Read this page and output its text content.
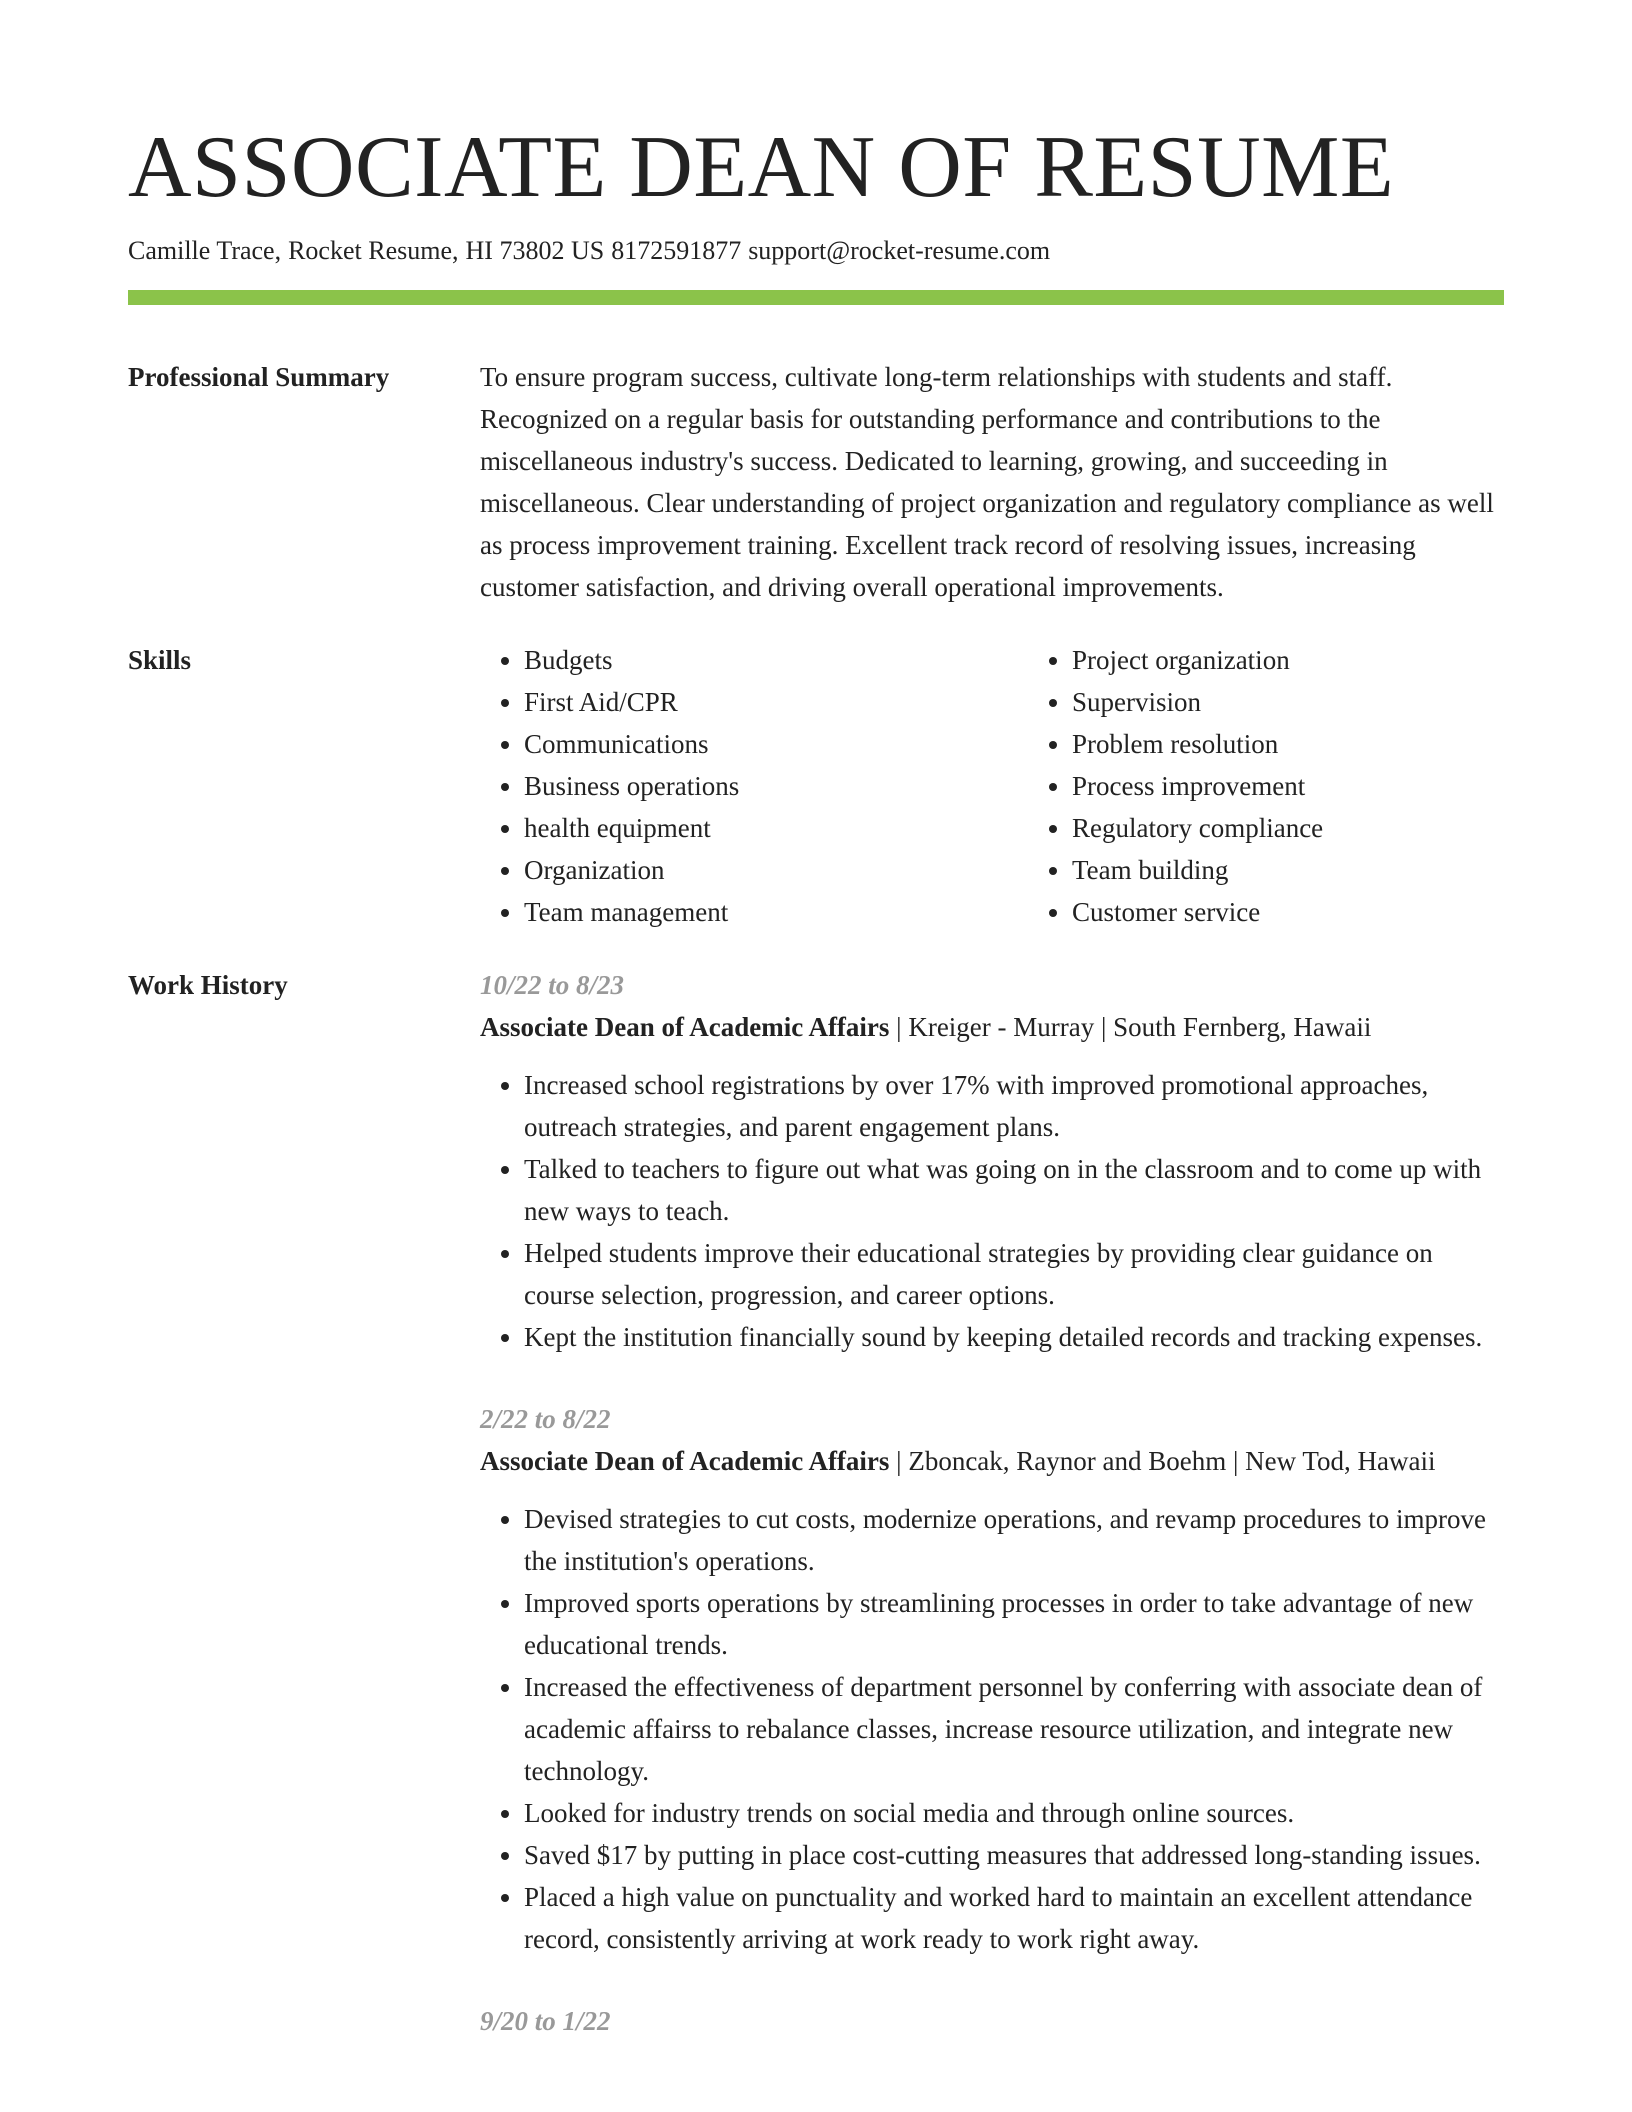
ASSOCIATE DEAN OF RESUME
Camille Trace, Rocket Resume, HI 73802 US 8172591877 support@rocket-resume.com
Professional Summary	To ensure program success, cultivate long-term relationships with students and staff. Recognized on a regular basis for outstanding performance and contributions to the miscellaneous industry's success. Dedicated to learning, growing, and succeeding in miscellaneous. Clear understanding of project organization and regulatory compliance as well as process improvement training. Excellent track record of resolving issues, increasing customer satisfaction, and driving overall operational improvements.

Skills
•	Budgets
• First Aid/CPR
• Communications
• Business operations
• health equipment
• Organization
• Team management
• Project organization
• Supervision
• Problem resolution
• Process improvement
• Regulatory compliance
• Team building
• Customer service
Work History	10/22 to 8/23
Associate Dean of Academic Affairs | Kreiger - Murray | South Fernberg, Hawaii
• Increased school registrations by over 17% with improved promotional approaches, outreach strategies, and parent engagement plans.
• Talked to teachers to figure out what was going on in the classroom and to come up with new ways to teach.
• Helped students improve their educational strategies by providing clear guidance on course selection, progression, and career options.
• Kept the institution financially sound by keeping detailed records and tracking expenses.
2/22 to 8/22
Associate Dean of Academic Affairs | Zboncak, Raynor and Boehm | New Tod, Hawaii
• Devised strategies to cut costs, modernize operations, and revamp procedures to improve the institution's operations.
• Improved sports operations by streamlining processes in order to take advantage of new educational trends.
• Increased the effectiveness of department personnel by conferring with associate dean of academic affairss to rebalance classes, increase resource utilization, and integrate new technology.
• Looked for industry trends on social media and through online sources.
• Saved $17 by putting in place cost-cutting measures that addressed long-standing issues.
• Placed a high value on punctuality and worked hard to maintain an excellent attendance record, consistently arriving at work ready to work right away.
9/20 to 1/22
